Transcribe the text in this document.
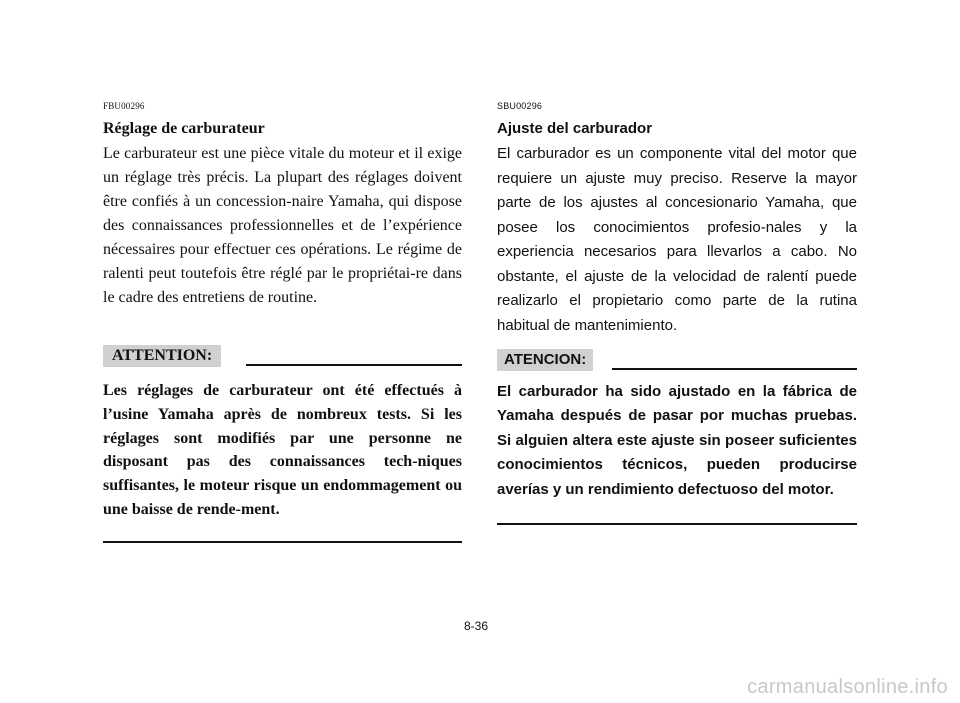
FBU00296
Réglage de carburateur

Le carburateur est une pièce vitale du moteur et il exige un réglage très précis. La plupart des réglages doivent être confiés à un concession-naire Yamaha, qui dispose des connaissances professionnelles et de l’expérience nécessaires pour effectuer ces opérations. Le régime de ralenti peut toutefois être réglé par le propriétai-re dans le cadre des entretiens de routine.

ATTENTION:

Les réglages de carburateur ont été effectués à l’usine Yamaha après de nombreux tests. Si les réglages sont modifiés par une personne ne disposant pas des connaissances tech-niques suffisantes, le moteur risque un endommagement ou une baisse de rende-ment.

SBU00296
Ajuste del carburador

El carburador es un componente vital del motor que requiere un ajuste muy preciso. Reserve la mayor parte de los ajustes al concesionario Yamaha, que posee los conocimientos profesio-nales y la experiencia necesarios para llevarlos a cabo. No obstante, el ajuste de la velocidad de ralentí puede realizarlo el propietario como parte de la rutina habitual de mantenimiento.

ATENCION:

El carburador ha sido ajustado en la fábrica de Yamaha después de pasar por muchas pruebas. Si alguien altera este ajuste sin poseer suficientes conocimientos técnicos, pueden producirse averías y un rendimiento defectuoso del motor.

8-36
carmanualsonline.info
